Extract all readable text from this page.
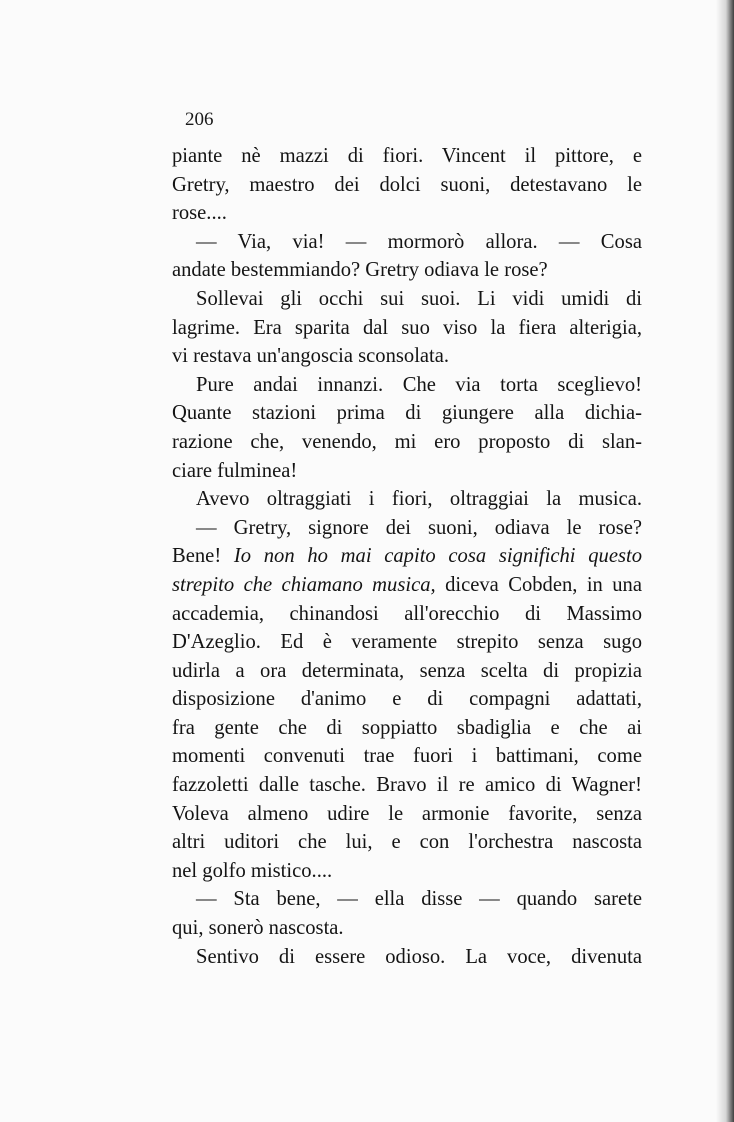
206
piante nè mazzi di fiori. Vincent il pittore, e
Gretry, maestro dei dolci suoni, detestavano le
rose....
— Via, via! — mormorò allora. — Cosa
andate bestemmiando? Gretry odiava le rose?
Sollevai gli occhi sui suoi. Li vidi umidi di
lagrime. Era sparita dal suo viso la fiera alterigia,
vi restava un'angoscia sconsolata.
Pure andai innanzi. Che via torta sceglievo!
Quante stazioni prima di giungere alla dichia-
razione che, venendo, mi ero proposto di slan-
ciare fulminea!
Avevo oltraggiati i fiori, oltraggiai la musica.
— Gretry, signore dei suoni, odiava le rose?
Bene! Io non ho mai capito cosa significhi questo
strepito che chiamano musica, diceva Cobden, in una
accademia, chinandosi all'orecchio di Massimo
D'Azeglio. Ed è veramente strepito senza sugo
udirla a ora determinata, senza scelta di propizia
disposizione d'animo e di compagni adattati,
fra gente che di soppiatto sbadiglia e che ai
momenti convenuti trae fuori i battimani, come
fazzoletti dalle tasche. Bravo il re amico di Wagner!
Voleva almeno udire le armonie favorite, senza
altri uditori che lui, e con l'orchestra nascosta
nel golfo mistico....
— Sta bene, — ella disse — quando sarete
qui, sonerò nascosta.
Sentivo di essere odioso. La voce, divenuta
